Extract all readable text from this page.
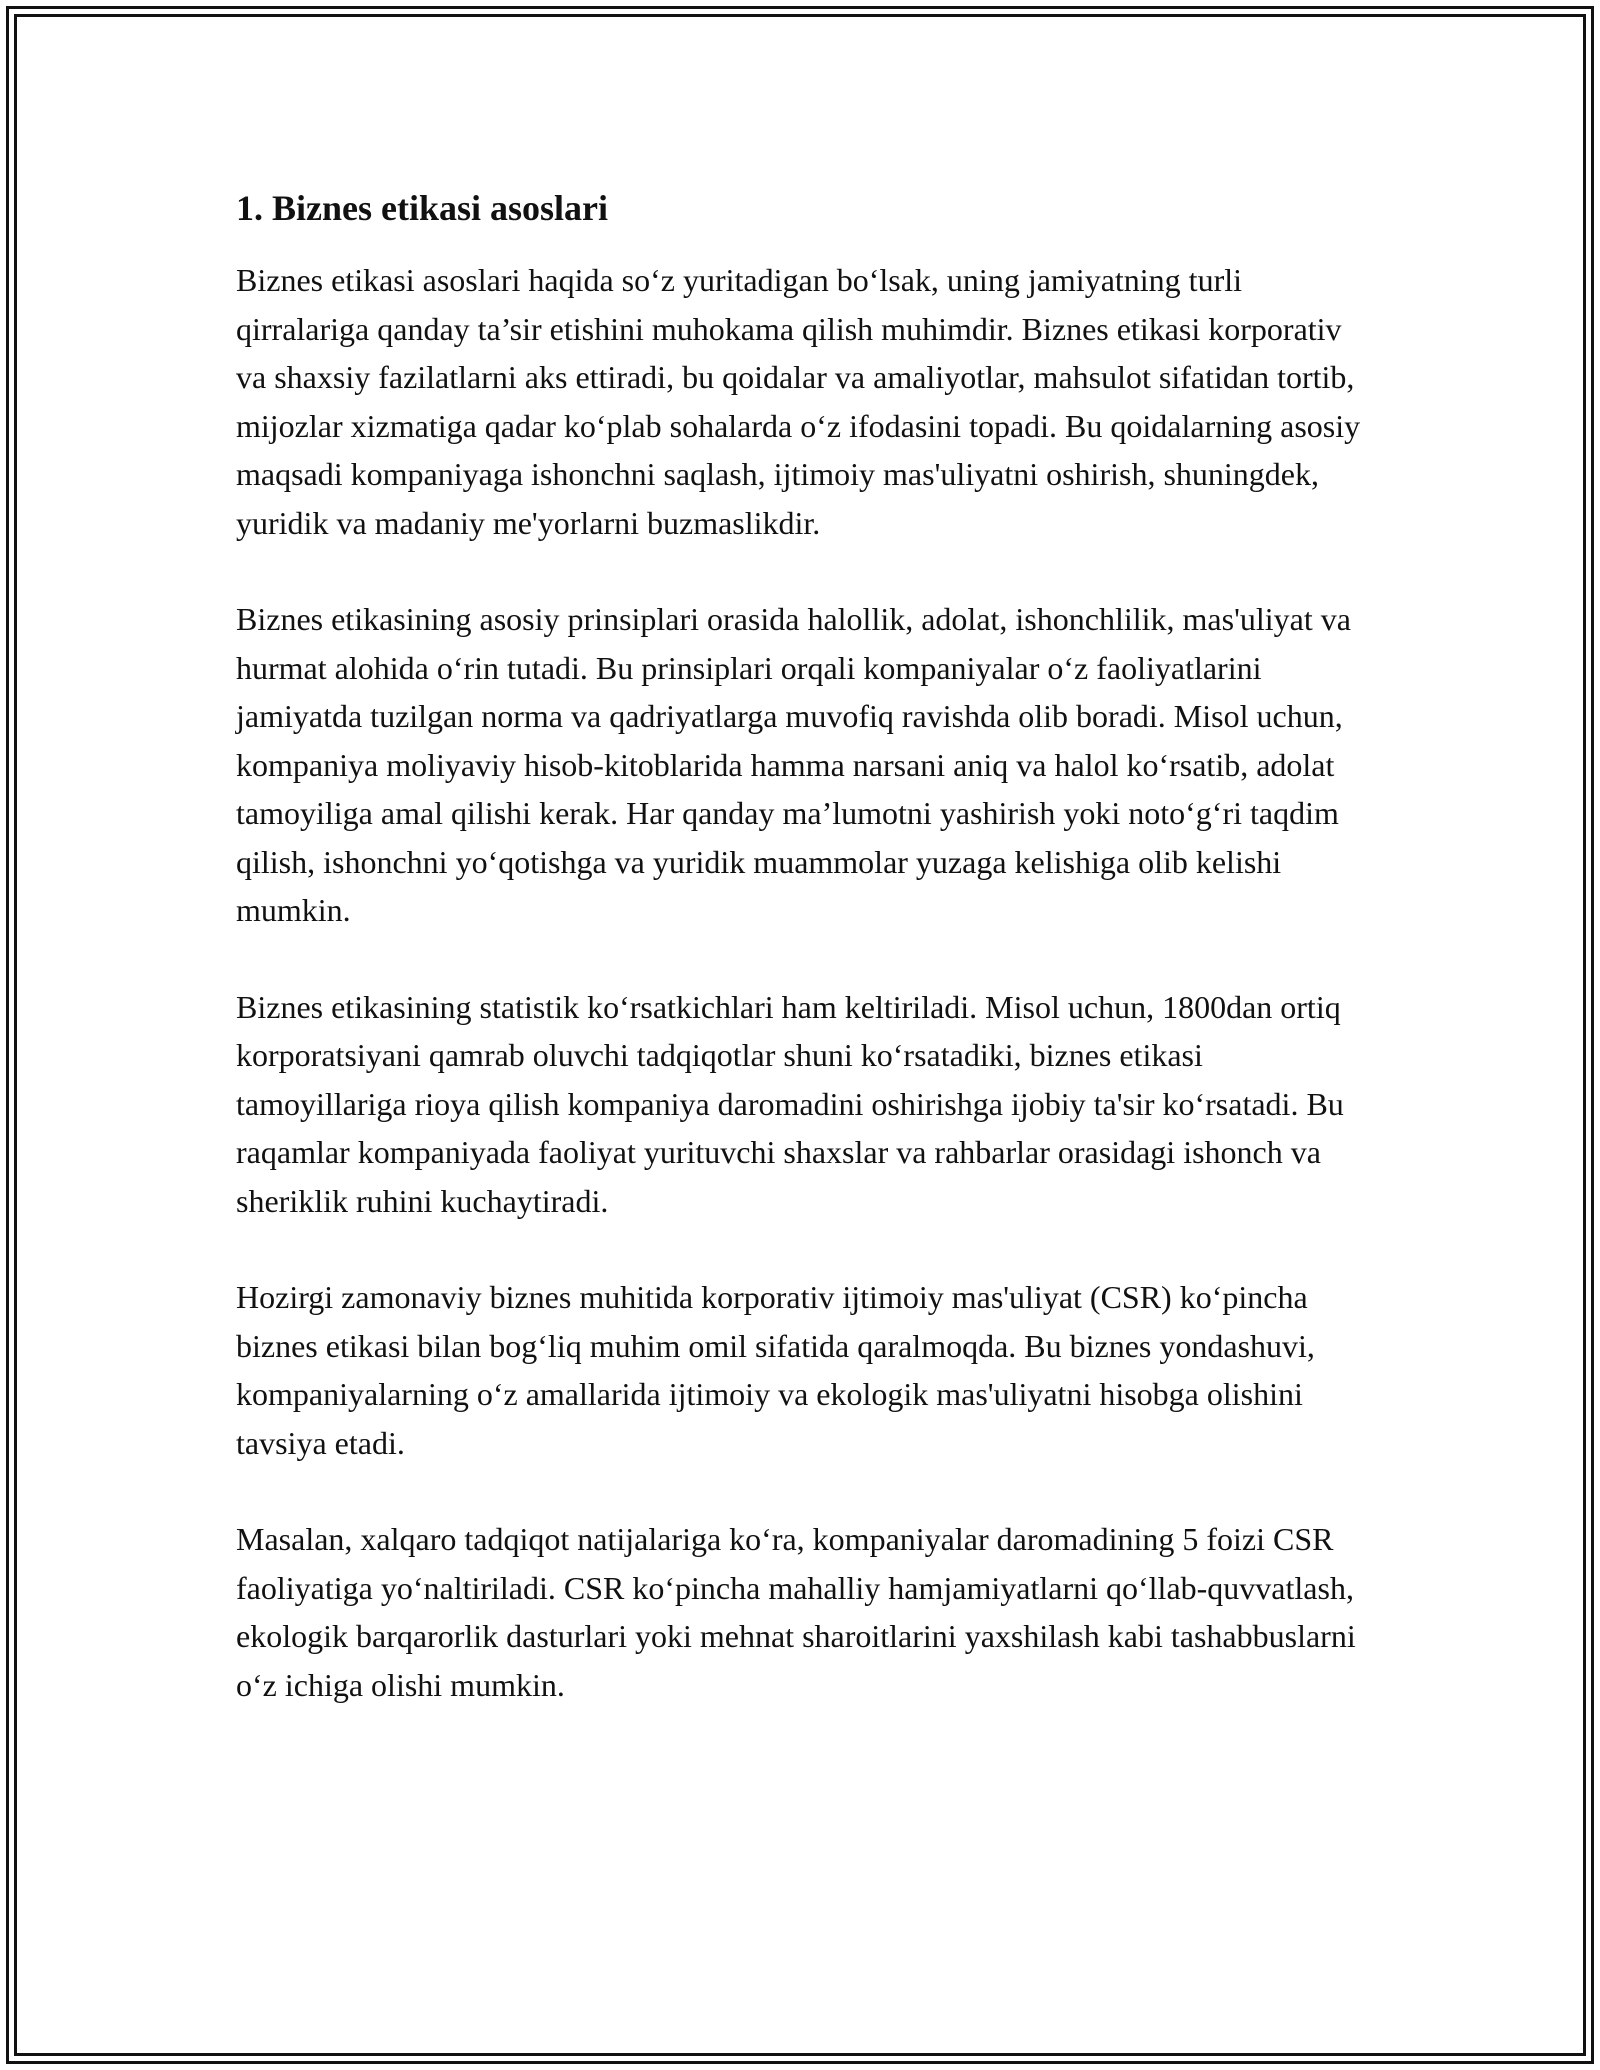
1. Biznes etikasi asoslari

Biznes etikasi asoslari haqida so‘z yuritadigan bo‘lsak, uning jamiyatning turli qirralariga qanday ta’sir etishini muhokama qilish muhimdir. Biznes etikasi korporativ va shaxsiy fazilatlarni aks ettiradi, bu qoidalar va amaliyotlar, mahsulot sifatidan tortib, mijozlar xizmatiga qadar ko‘plab sohalarda o‘z ifodasini topadi. Bu qoidalarning asosiy maqsadi kompaniyaga ishonchni saqlash, ijtimoiy mas'uliyatni oshirish, shuningdek, yuridik va madaniy me'yorlarni buzmaslikdir.

Biznes etikasining asosiy prinsiplari orasida halollik, adolat, ishonchlilik, mas'uliyat va hurmat alohida o‘rin tutadi. Bu prinsiplari orqali kompaniyalar o‘z faoliyatlarini jamiyatda tuzilgan norma va qadriyatlarga muvofiq ravishda olib boradi. Misol uchun, kompaniya moliyaviy hisob-kitoblarida hamma narsani aniq va halol ko‘rsatib, adolat tamoyiliga amal qilishi kerak. Har qanday ma’lumotni yashirish yoki noto‘g‘ri taqdim qilish, ishonchni yo‘qotishga va yuridik muammolar yuzaga kelishiga olib kelishi mumkin.

Biznes etikasining statistik ko‘rsatkichlari ham keltiriladi. Misol uchun, 1800dan ortiq korporatsiyani qamrab oluvchi tadqiqotlar shuni ko‘rsatadiki, biznes etikasi tamoyillariga rioya qilish kompaniya daromadini oshirishga ijobiy ta'sir ko‘rsatadi. Bu raqamlar kompaniyada faoliyat yurituvchi shaxslar va rahbarlar orasidagi ishonch va sheriklik ruhini kuchaytiradi.

Hozirgi zamonaviy biznes muhitida korporativ ijtimoiy mas'uliyat (CSR) ko‘pincha biznes etikasi bilan bog‘liq muhim omil sifatida qaralmoqda. Bu biznes yondashuvi, kompaniyalarning o‘z amallarida ijtimoiy va ekologik mas'uliyatni hisobga olishini tavsiya etadi.

Masalan, xalqaro tadqiqot natijalariga ko‘ra, kompaniyalar daromadining 5 foizi CSR faoliyatiga yo‘naltiriladi. CSR ko‘pincha mahalliy hamjamiyatlarni qo‘llab-quvvatlash, ekologik barqarorlik dasturlari yoki mehnat sharoitlarini yaxshilash kabi tashabbuslarni o‘z ichiga olishi mumkin.
